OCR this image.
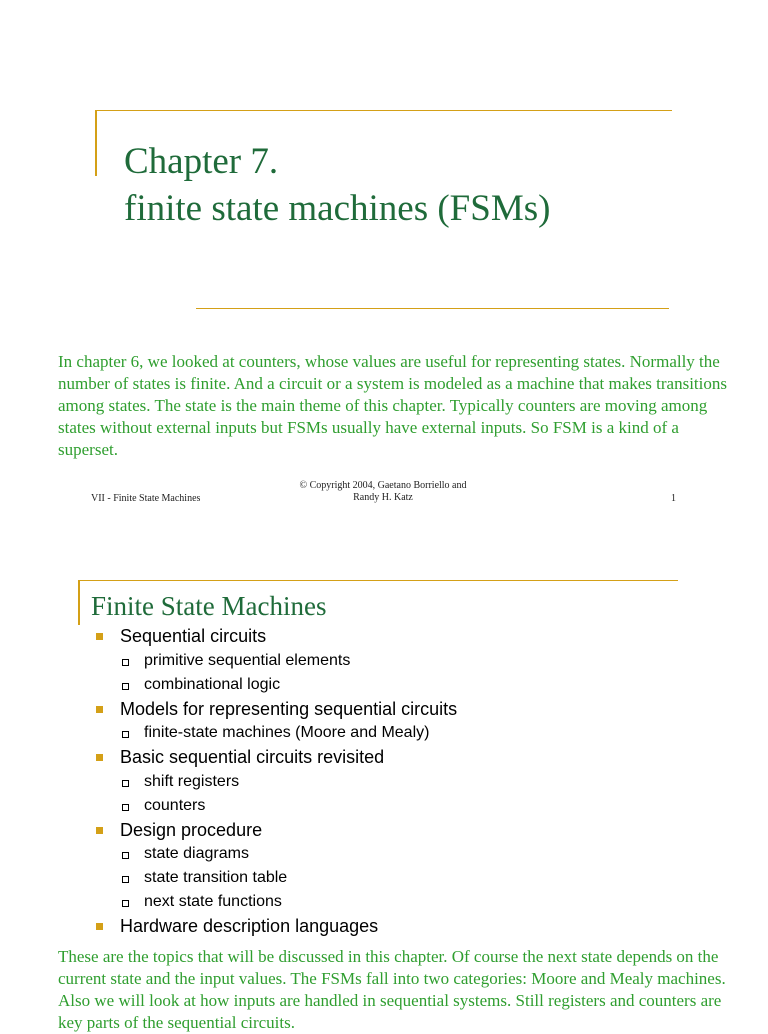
Chapter 7.
finite state machines (FSMs)
In chapter 6, we looked at counters, whose values are useful for representing states. Normally the number of states is finite. And a circuit or a system is modeled as a machine that makes transitions among states. The state is the main theme of this chapter. Typically counters are moving among states without external inputs but FSMs usually have external inputs. So FSM is a kind of a superset.
VII - Finite State Machines
© Copyright 2004, Gaetano Borriello and
Randy H. Katz	1
Finite State Machines
Sequential circuits
primitive sequential elements
combinational logic
Models for representing sequential circuits
finite-state machines (Moore and Mealy)
Basic sequential circuits revisited
shift registers
counters
Design procedure
state diagrams
state transition table
next state functions
Hardware description languages
These are the topics that will be discussed in this chapter. Of course the next state depends on the current state and the input values. The FSMs fall into two categories: Moore and Mealy machines. Also we will look at how inputs are handled in sequential systems. Still registers and counters are key parts of the sequential circuits.
